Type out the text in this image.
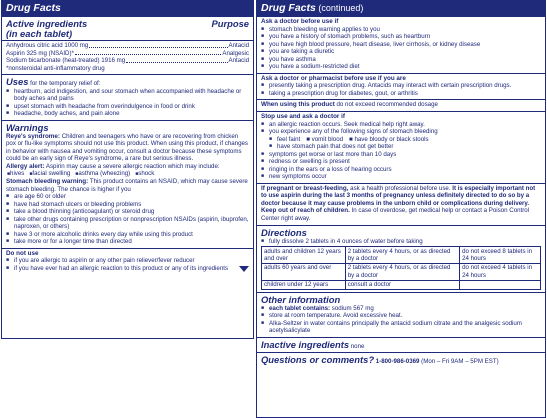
Drug Facts
Active ingredients
(in each tablet)
Purpose
Anhydrous citric acid 1000 mg	Antacid
Aspirin 325 mg (NSAID)*	Analgesic
Sodium bicarbonate (heat-treated) 1916 mg	Antacid
*nonsteroidal anti-inflammatory drug
Uses for the temporary relief of:
■ heartburn, acid indigestion, and sour stomach when accompanied with headache or body aches and pains
■ upset stomach with headache from overindulgence in food or drink
■ headache, body aches, and pain alone
Warnings
Reye's syndrome: Children and teenagers who have or are recovering from chicken pox or flu-like symptoms should not use this product. When using this product, if changes in behavior with nausea and vomiting occur, consult a doctor because these symptoms could be an early sign of Reye's syndrome, a rare but serious illness.
Allergy alert: Aspirin may cause a severe allergic reaction which may include:
■ hives ■ facial swelling ■ asthma (wheezing) ■ shock
Stomach bleeding warning: This product contains an NSAID, which may cause severe stomach bleeding. The chance is higher if you
■ are age 60 or older
■ have had stomach ulcers or bleeding problems
■ take a blood thinning (anticoagulant) or steroid drug
■ take other drugs containing prescription or nonprescription NSAIDs (aspirin, ibuprofen, naproxen, or others)
■ have 3 or more alcoholic drinks every day while using this product
■ take more or for a longer time than directed
Do not use
■ if you are allergic to aspirin or any other pain reliever/fever reducer
■ if you have ever had an allergic reaction to this product or any of its ingredients
Drug Facts (continued)
Ask a doctor before use if
■ stomach bleeding warning applies to you
■ you have a history of stomach problems, such as heartburn
■ you have high blood pressure, heart disease, liver cirrhosis, or kidney disease
■ you are taking a diuretic
■ you have asthma
■ you have a sodium-restricted diet
Ask a doctor or pharmacist before use if you are
■ presently taking a prescription drug. Antacids may interact with certain prescription drugs.
■ taking a prescription drug for diabetes, gout, or arthritis
When using this product do not exceed recommended dosage
Stop use and ask a doctor if
■ an allergic reaction occurs. Seek medical help right away.
■ you experience any of the following signs of stomach bleeding
■ feel faint ■ vomit blood ■ have bloody or black stools
■ have stomach pain that does not get better
■ symptoms get worse or last more than 10 days
■ redness or swelling is present
■ ringing in the ears or a loss of hearing occurs
■ new symptoms occur
If pregnant or breast-feeding, ask a health professional before use. It is especially important not to use aspirin during the last 3 months of pregnancy unless definitely directed to do so by a doctor because it may cause problems in the unborn child or complications during delivery.
Keep out of reach of children. In case of overdose, get medical help or contact a Poison Control Center right away.
Directions
■ fully dissolve 2 tablets in 4 ounces of water before taking
adults and children 12 years and over	2 tablets every 4 hours, or as directed by a doctor	do not exceed 8 tablets in 24 hours
adults 60 years and over	2 tablets every 4 hours, or as directed by a doctor	do not exceed 4 tablets in 24 hours
children under 12 years	consult a doctor	
Other information
■ each tablet contains: sodium 567 mg
■ store at room temperature. Avoid excessive heat.
■ Alka-Seltzer in water contains principally the antacid sodium citrate and the analgesic sodium acetylsalicylate
Inactive ingredients none
Questions or comments? 1-800-986-0369 (Mon – Fri 9AM – 5PM EST)
